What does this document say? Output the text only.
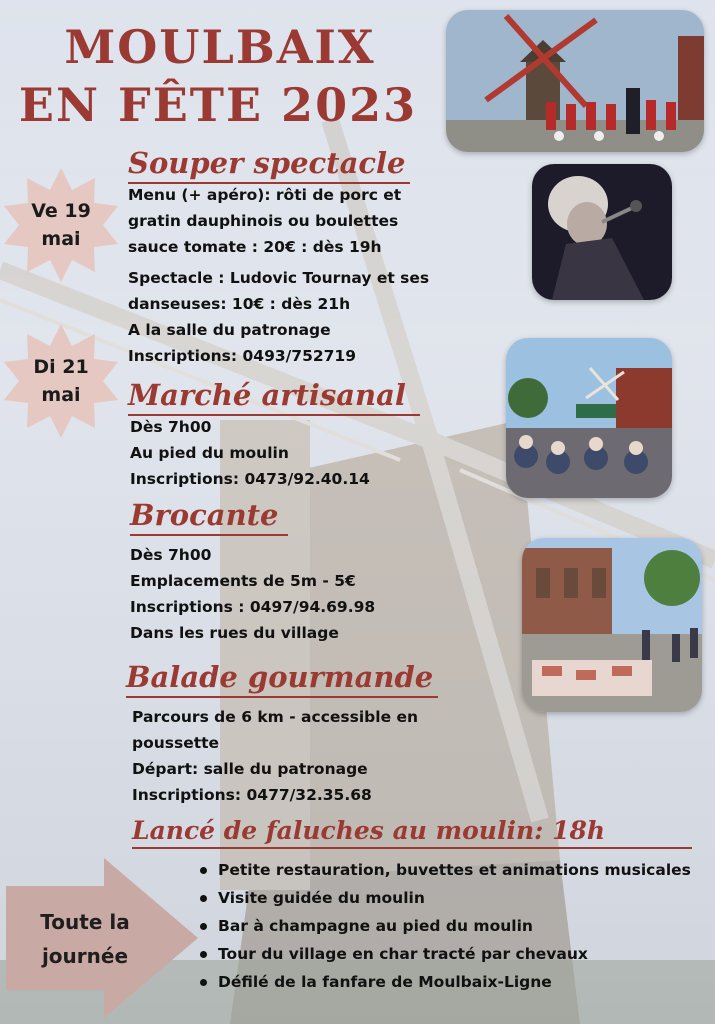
MOULBAIX
EN FÊTE 2023
Ve 19
mai
Di 21
mai
Souper spectacle
Menu (+ apéro): rôti de porc et
gratin dauphinois ou boulettes
sauce tomate : 20€ : dès 19h
Spectacle : Ludovic Tournay et ses
danseuses: 10€ : dès 21h
A la salle du patronage
Inscriptions: 0493/752719
Marché artisanal
Dès 7h00
Au pied du moulin
Inscriptions: 0473/92.40.14
Brocante
Dès 7h00
Emplacements de 5m - 5€
Inscriptions : 0497/94.69.98
Dans les rues du village
Balade gourmande
Parcours de 6 km - accessible en
poussette
Départ: salle du patronage
Inscriptions: 0477/32.35.68
Lancé de faluches au moulin: 18h
Toute la
journée
Petite restauration, buvettes et animations musicales
Visite guidée du moulin
Bar à champagne au pied du moulin
Tour du village en char tracté par chevaux
Défilé de la fanfare de Moulbaix-Ligne
